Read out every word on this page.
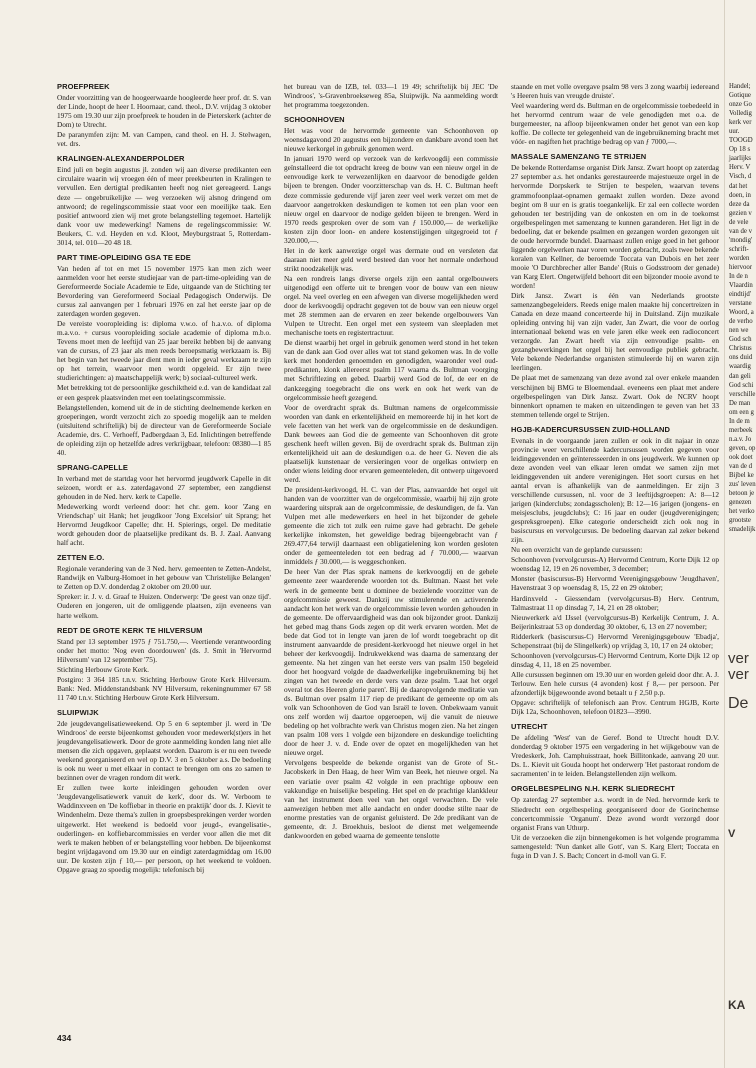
PROEFPREEK

Onder voorzitting van de hoogeerwaarde hoogleerde heer prof. dr. S. van der Linde, hoopt de heer I. Hoornaar, cand. theol., D.V. vrijdag 3 oktober 1975 om 19.30 uur zijn proefpreek te houden in de Pieterskerk (achter de Dom) te Utrecht.

De paranymfen zijn: M. van Campen, cand theol. en H. J. Stelwagen, vet. drs.

KRALINGEN-ALEXANDERPOLDER

Eind juli en begin augustus jl. zonden wij aan diverse predikanten een circulaire waarin wij vroegen één of meer preekbeurten in Kralingen te vervullen. Een dertigtal predikanten heeft nog niet gereageerd. Langs deze — ongebruikelijke — weg verzoeken wij alsnog dringend om antwoord; de regelingscommissie staat voor een moeilijke taak. Een positief antwoord zien wij met grote belangstelling tegemoet. Hartelijk dank voor uw medewerking! Namens de regelingscommissie: W. Beukers, C. v.d. Heyden en v.d. Kloot, Meyburgstraat 5, Rotterdam-3014, tel. 010—20 48 18.

PART TIME-OPLEIDING GSA TE EDE

Van heden af tot en met 15 november 1975 kan men zich weer aanmelden voor het eerste studiejaar van de part-time-opleiding van de Gereformeerde Sociale Academie te Ede, uitgaande van de Stichting ter Bevordering van Gereformeerd Sociaal Pedagogisch Onderwijs. De cursus zal aanvangen per 1 februari 1976 en zal het eerste jaar op de zaterdagen worden gegeven.

De vereiste vooropleiding is: diploma v.w.o. of h.a.v.o. of diploma m.a.v.o. + cursus vooropleiding sociale academie of diploma m.b.o. Tevens moet men de leeftijd van 25 jaar bereikt hebben bij de aanvang van de cursus, of 23 jaar als men reeds beroepsmatig werkzaam is. Bij het begin van het tweede jaar dient men in ieder geval werkzaam te zijn op het terrein, waarvoor men wordt opgeleid. Er zijn twee studierichtingen: a) maatschappelijk werk; b) sociaal-cultureel werk.

Met betrekking tot de persoonlijke geschiktheid e.d. van de kandidaat zal er een gesprek plaatsvinden met een toelatingscommissie.

Belangstellenden, komend uit de in de stichting deelnemende kerken en groeperingen, wordt verzocht zich zo spoedig mogelijk aan te melden (uitsluitend schriftelijk) bij de directeur van de Gereformeerde Sociale Academie, drs. C. Verhoeff, Padbergdaan 3, Ed. Inlichtingen betreffende de opleiding zijn op hetzelfde adres verkrijgbaar, telefoon: 08380—1 85 40.

SPRANG-CAPELLE

In verband met de startdag voor het hervormd jeugdwerk Capelle in dit seizoen, wordt er a.s. zaterdagavond 27 september, een zangdienst gehouden in de Ned. herv. kerk te Capelle.

Medewerking wordt verleend door: het chr. gem. koor 'Zang en Vriendschap' uit Hank; het jeugdkoor 'Jong Excelsior' uit Sprang; het Hervormd Jeugdkoor Capelle; dhr. H. Spierings, orgel. De meditatie wordt gehouden door de plaatselijke predikant ds. B. J. Zaal. Aanvang half acht.

ZETTEN E.O.

Regionale verandering van de 3 Ned. herv. gemeenten te Zetten-Andelst, Randwijk en Valburg-Homoet in het gebouw van 'Christelijke Belangen' te Zetten op D.V. donderdag 2 oktober om 20.00 uur.

Spreker: ir. J. v. d. Graaf te Huizen. Onderwerp: 'De geest van onze tijd'. Ouderen en jongeren, uit de omliggende plaatsen, zijn eveneens van harte welkom.

REDT DE GROTE KERK TE HILVERSUM

Stand per 13 september 1975 ƒ 751.750,—. Veertiende verantwoording onder het motto: 'Nog even doordouwen' (ds. J. Smit in 'Hervormd Hilversum' van 12 september '75).

Stichting Herbouw Grote Kerk.

Postgiro: 3 364 185 t.n.v. Stichting Herbouw Grote Kerk Hilversum. Bank: Ned. Middenstandsbank NV Hilversum, rekeningnummer 67 58 11 740 t.n.v. Stichting Herbouw Grote Kerk Hilversum.

SLUIPWIJK

2de jeugdevangelisatieweekend. Op 5 en 6 september jl. werd in 'De Windroos' de eerste bijeenkomst gehouden voor medewerk(st)ers in het jeugdevangelisatiewerk. Door de grote aanmelding konden lang niet alle mensen die zich opgaven, geplaatst worden. Daarom is er nu een tweede weekend georganiseerd en wel op D.V. 3 en 5 oktober a.s. De bedoeling is ook nu weer u met elkaar in contact te brengen om ons zo samen te bezinnen over de vragen rondom dit werk.

Er zullen twee korte inleidingen gehouden worden over 'Jeugdevangelisatiewerk vanuit de kerk', door ds. W. Verboom te Waddinxveen en 'De koffiebar in theorie en praktijk' door ds. J. Kievit te Windenhelm. Deze thema's zullen in groepsbesprekingen verder worden uitgewerkt. Het weekend is bedoeld voor jeugd-, evangelisatie-, ouderlingen- en koffiebarcommissies en verder voor allen die met dit werk te maken hebben of er belangstelling voor hebben. De bijeenkomst begint vrijdagavond om 19.30 uur en eindigt zaterdagmiddag om 16.00 uur. De kosten zijn ƒ 10,— per persoon, op het weekend te voldoen. Opgave graag zo spoedig mogelijk: telefonisch bij

het bureau van de IZB, tel. 033—1 19 49; schriftelijk bij JEC 'De Windroos', 's-Gravenbroekseweg 85a, Sluipwijk. Na aanmelding wordt het programma toegezonden.

SCHOONHOVEN

Het was voor de hervormde gemeente van Schoonhoven op woensdagavond 20 augustus een bijzondere en dankbare avond toen het nieuwe kerkorgel in gebruik genomen werd.

In januari 1970 werd op verzoek van de kerkvoogdij een commissie geïnstalleerd die tot opdracht kreeg de bouw van een nieuw orgel in de eenvoudige kerk te verwezenlijken en daarvoor de benodigde gelden bijeen te brengen. Onder voorzitterschap van ds. H. C. Bultman heeft deze commissie gedurende vijf jaren zeer veel werk verzet om met de daarvoor aangetrokken deskundigen te komen tot een plan voor een nieuw orgel en daarvoor de nodige gelden bijeen te brengen. Werd in 1970 reeds gesproken over de som van ƒ 150.000,— de werkelijke kosten zijn door loon- en andere kostenstijgingen uitgegroeid tot ƒ 320.000,—.

Het in de kerk aanwezige orgel was dermate oud en versleten dat daaraan niet meer geld werd besteed dan voor het normale onderhoud strikt noodzakelijk was.

Na een rondreis langs diverse orgels zijn een aantal orgelbouwers uitgenodigd een offerte uit te brengen voor de bouw van een nieuw orgel. Na veel overleg en een afwegen van diverse mogelijkheden werd door de kerkvoogdij opdracht gegeven tot de bouw van een nieuw orgel met 28 stemmen aan de ervaren en zeer bekende orgelbouwers Van Vulpen te Utrecht. Een orgel met een systeem van sleepladen met mechanische toets en registertractuur.

De dienst waarbij het orgel in gebruik genomen werd stond in het teken van de dank aan God over alles wat tot stand gekomen was. In de volle kerk met honderden genoemden en genodigden, waaronder veel oud-predikanten, klonk allereerst psalm 117 waarna ds. Bultman voorging met Schriftlezing en gebed. Daarbij werd God de lof, de eer en de dankzegging toegebracht die ons werk en ook het werk van de orgelcommissie heeft gezegend.

Voor de overdracht sprak ds. Bultman namens de orgelcommissie woorden van dank en erkentelijkheid en memoreerde hij in het kort de vele facetten van het werk van de orgelcommissie en de deskundigen. Dank bewees aan God die de gemeente van Schoonhoven dit grote geschenk heeft willen geven. Bij de overdracht sprak ds. Bultman zijn erkentelijkheid uit aan de deskundigen o.a. de heer G. Neven die als plaatselijk kunstenaar de versieringen voor de orgelkas ontwierp en onder wiens leiding door ervaren gemeenteleden, dit ontwerp uitgevoerd werd.

De president-kerkvoogd, H. C. van der Plas, aanvaardde het orgel uit handen van de voorzitter van de orgelcommissie, waarbij hij zijn grote waardering uitsprak aan de orgelcommissie, de deskundigen, de fa. Van Vulpen met alle medewerkers en heel in het bijzonder de gehele gemeente die zich tot zulk een ruime gave had gebracht. De gehele kerkelijke inkomsten, het geweldige bedrag bijeengebracht van ƒ 269.477,64 terwijl daarnaast een obligatielening kon worden gesloten onder de gemeenteleden tot een bedrag ad ƒ 70.000,— waarvan inmiddels ƒ 30.000,— is weggeschonken.

De heer Van der Plas sprak namens de kerkvoogdij en de gehele gemeente zeer waarderende woorden tot ds. Bultman. Naast het vele werk in de gemeente bent u dominee de bezielende voorzitter van de orgelcommissie geweest. Dankzij uw stimulerende en activerende aandacht kon het werk van de orgelcommissie leven worden gehouden in de gemeente. De offervaardigheid was dan ook bijzonder groot. Dankzij het gebed mag thans Gods zegen op dit werk ervaren worden. Met de bede dat God tot in lengte van jaren de lof wordt toegebracht op dit instrument aanvaardde de president-kerkvoogd het nieuwe orgel in het beheer der kerkvoogdij. Indrukwekkend was daarna de samenzang der gemeente. Na het zingen van het eerste vers van psalm 150 begeleid door het hoogvard volgde de daadwerkelijke ingebruikneming bij het zingen van het tweede en derde vers van deze psalm. 'Laat het orgel overal tot des Heeren glorie paren'. Bij de daaropvolgende meditatie van ds. Bultman over psalm 117 riep de predikant de gemeente op om als volk van Schoonhoven de God van Israël te loven. Onbekwaam vanuit ons zelf worden wij daartoe opgeroepen, wij die vanuit de nieuwe bedeling op het volbrachte werk van Christus mogen zien. Na het zingen van psalm 108 vers 1 volgde een bijzondere en deskundige toelichting door de heer J. v. d. Ende over de opzet en mogelijkheden van het nieuwe orgel.

Vervolgens bespeelde de bekende organist van de Grote of St.-Jacobskerk in Den Haag, de heer Wim van Beek, het nieuwe orgel. Na een variatie over psalm 42 volgde in een prachtige opbouw een vakkundige en huiselijke bespeling. Het spel en de prachtige klankkleur van het instrument doen veel van het orgel verwachten. De vele aanwezigen hebben met alle aandacht en onder doodse stilte naar de enorme prestaties van de organist geluisterd. De 2de predikant van de gemeente, dr. J. Broekhuis, besloot de dienst met welgemeende dankwoorden en gebed waarna de gemeente tenslotte

staande en met volle overgave psalm 98 vers 3 zong waarbij iedereand 's Heeren huis van vreugde druiste'.

Veel waardering werd ds. Bultman en de orgelcommissie toebedeeld in het hervormd centrum waar de vele genodigden met o.a. de burgemeester, na afloop bijeenkwamen onder het genot van een kop koffie. De collecte ter gelegenheid van de ingebruikneming bracht met vóór- en nagiften het prachtige bedrag op van ƒ 7000,—.

MASSALE SAMENZANG TE STRIJEN

De bekende Rotterdamse organist Dirk Jansz. Zwart hoopt op zaterdag 27 september a.s. het ondanks gerestaureerde majestueuze orgel in de hervormde Dorpskerk te Strijen te bespelen, waarvan tevens grammofoonplaat-opnamen gemaakt zullen worden. Deze avond begint om 8 uur en is gratis toegankelijk. Er zal een collecte worden gehouden ter bestrijding van de onkosten en om in de toekomst orgelbespelingen met samenzang te kunnen garanderen. Het ligt in de bedoeling, dat er bekende psalmen en gezangen worden gezongen uit de oude hervormde bundel. Daarnaast zullen enige goed in het gehoor liggende orgelwerken naar voren worden gebracht, zoals twee bekende koralen van Kellner, de beroemde Toccata van Dubois en het zeer mooie 'O Durchbrecher aller Bande' (Ruis o Godsstroom der genade) van Karg Elert. Ongetwijfeld behoort dit een bijzonder mooie avond te worden!

Dirk Jansz. Zwart is één van Nederlands grootste samenzangbegeleiders. Reeds enige malen maakte hij concertreizen in Canada en deze maand concerteerde hij in Duitsland. Zijn muzikale opleiding ontving hij van zijn vader, Jan Zwart, die voor de oorlog internationaal bekend was en vele jaren elke week een radioconcert verzorgde. Jan Zwart heeft via zijn eenvoudige psalm- en gezangbewerkingen het orgel bij het eenvoudige publiek gebracht. Vele bekende Nederlandse organisten stimuleerde hij en waren zijn leerlingen.

De plaat met de samenzang van deze avond zal over enkele maanden verschijnen bij BMG te Bloemendaal. eveneens een plaat met andere orgelbespelingen van Dirk Jansz. Zwart. Ook de NCRV hoopt binnenkort opnamen te maken en uitzendingen te geven van het 33 stemmen tellende orgel te Strijen.

HGJB-KADERCURSUSSEN ZUID-HOLLAND

Evenals in de voorgaande jaren zullen er ook in dit najaar in onze provincie weer verschillende kadercursussen worden gegeven voor leidinggevenden en geïnteresseerden in ons jeugdwerk. We kunnen op deze avonden veel van elkaar leren omdat we samen zijn met leidinggevenden uit andere verenigingen. Het soort cursus en het aantal ervan is afhankelijk van de aanmeldingen. Er zijn 3 verschillende cursussen, nl. voor de 3 leeftijdsgroepen: A: 8—12 jarigen (kinderclubs; zondagsscholen); B: 12—16 jarigen (jongens- en meisjesclubs, jeugdclubs); C: 16 jaar en ouder (jeugdverenigingen; gespreksgroepen). Elke categorie onderscheidt zich ook nog in basiscursus en vervolgcursus. De bedoeling daarvan zal zeker bekend zijn.

Nu een overzicht van de geplande cursussen:

Schoonhoven (vervolgcursus-A) Hervormd Centrum, Korte Dijk 12 op woensdag 12, 19 en 26 november, 3 december;

Monster (basiscursus-B) Hervormd Verenigingsgebouw 'Jeugdhaven', Havenstraat 3 op woensdag 8, 15, 22 en 29 oktober;

Hardinxveld - Giessendam (vervolgcursus-B) Herv. Centrum, Talmastraat 11 op dinsdag 7, 14, 21 en 28 oktober;

Nieuwerkerk a/d IJssel (vervolgcursus-B) Kerkelijk Centrum, J. A. Beijerinkstraat 53 op donderdag 30 oktober, 6, 13 en 27 november;

Ridderkerk (basiscursus-C) Hervormd Verenigingsgebouw 'Ebadja', Schepenstraat (bij de Slingelkerk) op vrijdag 3, 10, 17 en 24 oktober;

Schoonhoven (vervolgcursus-C) Hervormd Centrum, Korte Dijk 12 op dinsdag 4, 11, 18 en 25 november.

Alle cursussen beginnen om 19.30 uur en worden geleid door dhr. A. J. Terlouw. Een hele cursus (4 avonden) kost ƒ 8,— per persoon. Per afzonderlijk bijgewoonde avond betaalt u ƒ 2,50 p.p.

Opgave: schriftelijk of telefonisch aan Prov. Centrum HGJB, Korte Dijk 12a, Schoonhoven, telefoon 01823—3990.

UTRECHT

De afdeling 'West' van de Geref. Bond te Utrecht houdt D.V. donderdag 9 oktober 1975 een vergadering in het wijkgebouw van de Vredeskerk, Joh. Camphuisstraat, hoek Billitonkade, aanvang 20 uur. Ds. L. Kievit uit Gouda hoopt het onderwerp 'Het pastoraat rondom de sacramenten' in te leiden. Belangstellenden zijn welkom.

ORGELBESPELING N.H. KERK SLIEDRECHT

Op zaterdag 27 september a.s. wordt in de Ned. hervormde kerk te Sliedrecht een orgelbespeling georganiseerd door de Gorinchemse concertcommissie 'Organum'. Deze avond wordt verzorgd door organist Frans van Uthurp.

Uit de verzoeken die zijn binnengekomen is het volgende programma samengesteld: 'Nun danket alle Gott', van S. Karg Elert; Toccata en fuga in D van J. S. Bach; Concert in d-moll van G. F.

Handel;
Gotique
onze Go
Volledig
kerk ver
uur.
TOOGD
Op 18 s
jaarlijks
Herv. V
Visch, d
dat het
doen, in
deze da
gezien v
de vele
van de v
'mondig'
schrift-
worden
hiervoor
In de n
Vlaardin
eindtijd'
verstane
Woord, a
de verho
nen we
God sch
Christus
ons duid
waardig
dan geli
God schi
verschille
De man
om een g
In de m
merbeek
n.a.v. Jo
geven, op
ook doet
van de d
Bijbel ke
zus' leven
betoon je
genezen
het verko
grootste
smadelijk
ver
ver
De
V
KA
434
